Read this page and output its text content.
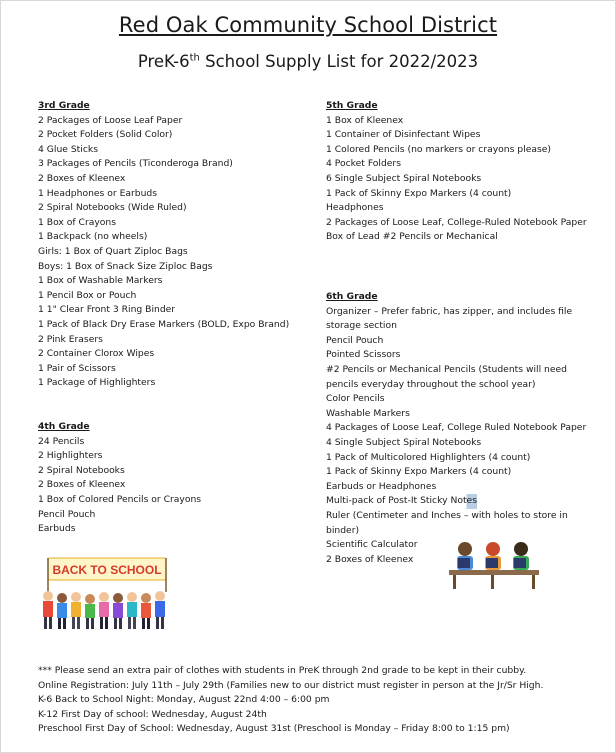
Red Oak Community School District
PreK-6th School Supply List for 2022/2023
3rd Grade
2 Packages of Loose Leaf Paper
2 Pocket Folders (Solid Color)
4 Glue Sticks
3 Packages of Pencils (Ticonderoga Brand)
2 Boxes of Kleenex
1 Headphones or Earbuds
2 Spiral Notebooks (Wide Ruled)
1 Box of Crayons
1 Backpack (no wheels)
Girls: 1 Box of Quart Ziploc Bags
Boys: 1 Box of Snack Size Ziploc Bags
1 Box of Washable Markers
1 Pencil Box or Pouch
1 1" Clear Front 3 Ring Binder
1 Pack of Black Dry Erase Markers (BOLD, Expo Brand)
2 Pink Erasers
2 Container Clorox Wipes
1 Pair of Scissors
1 Package of Highlighters
4th Grade
24 Pencils
2 Highlighters
2 Spiral Notebooks
2 Boxes of Kleenex
1 Box of Colored Pencils or Crayons
Pencil Pouch
Earbuds
5th Grade
1 Box of Kleenex
1 Container of Disinfectant Wipes
1 Colored Pencils (no markers or crayons please)
4 Pocket Folders
6 Single Subject Spiral Notebooks
1 Pack of Skinny Expo Markers (4 count)
Headphones
2 Packages of Loose Leaf, College-Ruled Notebook Paper
Box of Lead #2 Pencils or Mechanical
6th Grade
Organizer – Prefer fabric, has zipper, and includes file storage section
Pencil Pouch
Pointed Scissors
#2 Pencils or Mechanical Pencils (Students will need pencils everyday throughout the school year)
Color Pencils
Washable Markers
4 Packages of Loose Leaf, College Ruled Notebook Paper
4 Single Subject Spiral Notebooks
1 Pack of Multicolored Highlighters (4 count)
1 Pack of Skinny Expo Markers (4 count)
Earbuds or Headphones
Multi-pack of Post-It Sticky Notes
Ruler (Centimeter and Inches – with holes to store in binder)
Scientific Calculator
2 Boxes of Kleenex
BACK TO SCHOOL
*** Please send an extra pair of clothes with students in PreK through 2nd grade to be kept in their cubby.
Online Registration: July 11th – July 29th (Families new to our district must register in person at the Jr/Sr High.
K-6 Back to School Night: Monday, August 22nd 4:00 – 6:00 pm
K-12 First Day of school: Wednesday, August 24th
Preschool First Day of School: Wednesday, August 31st (Preschool is Monday – Friday 8:00 to 1:15 pm)
